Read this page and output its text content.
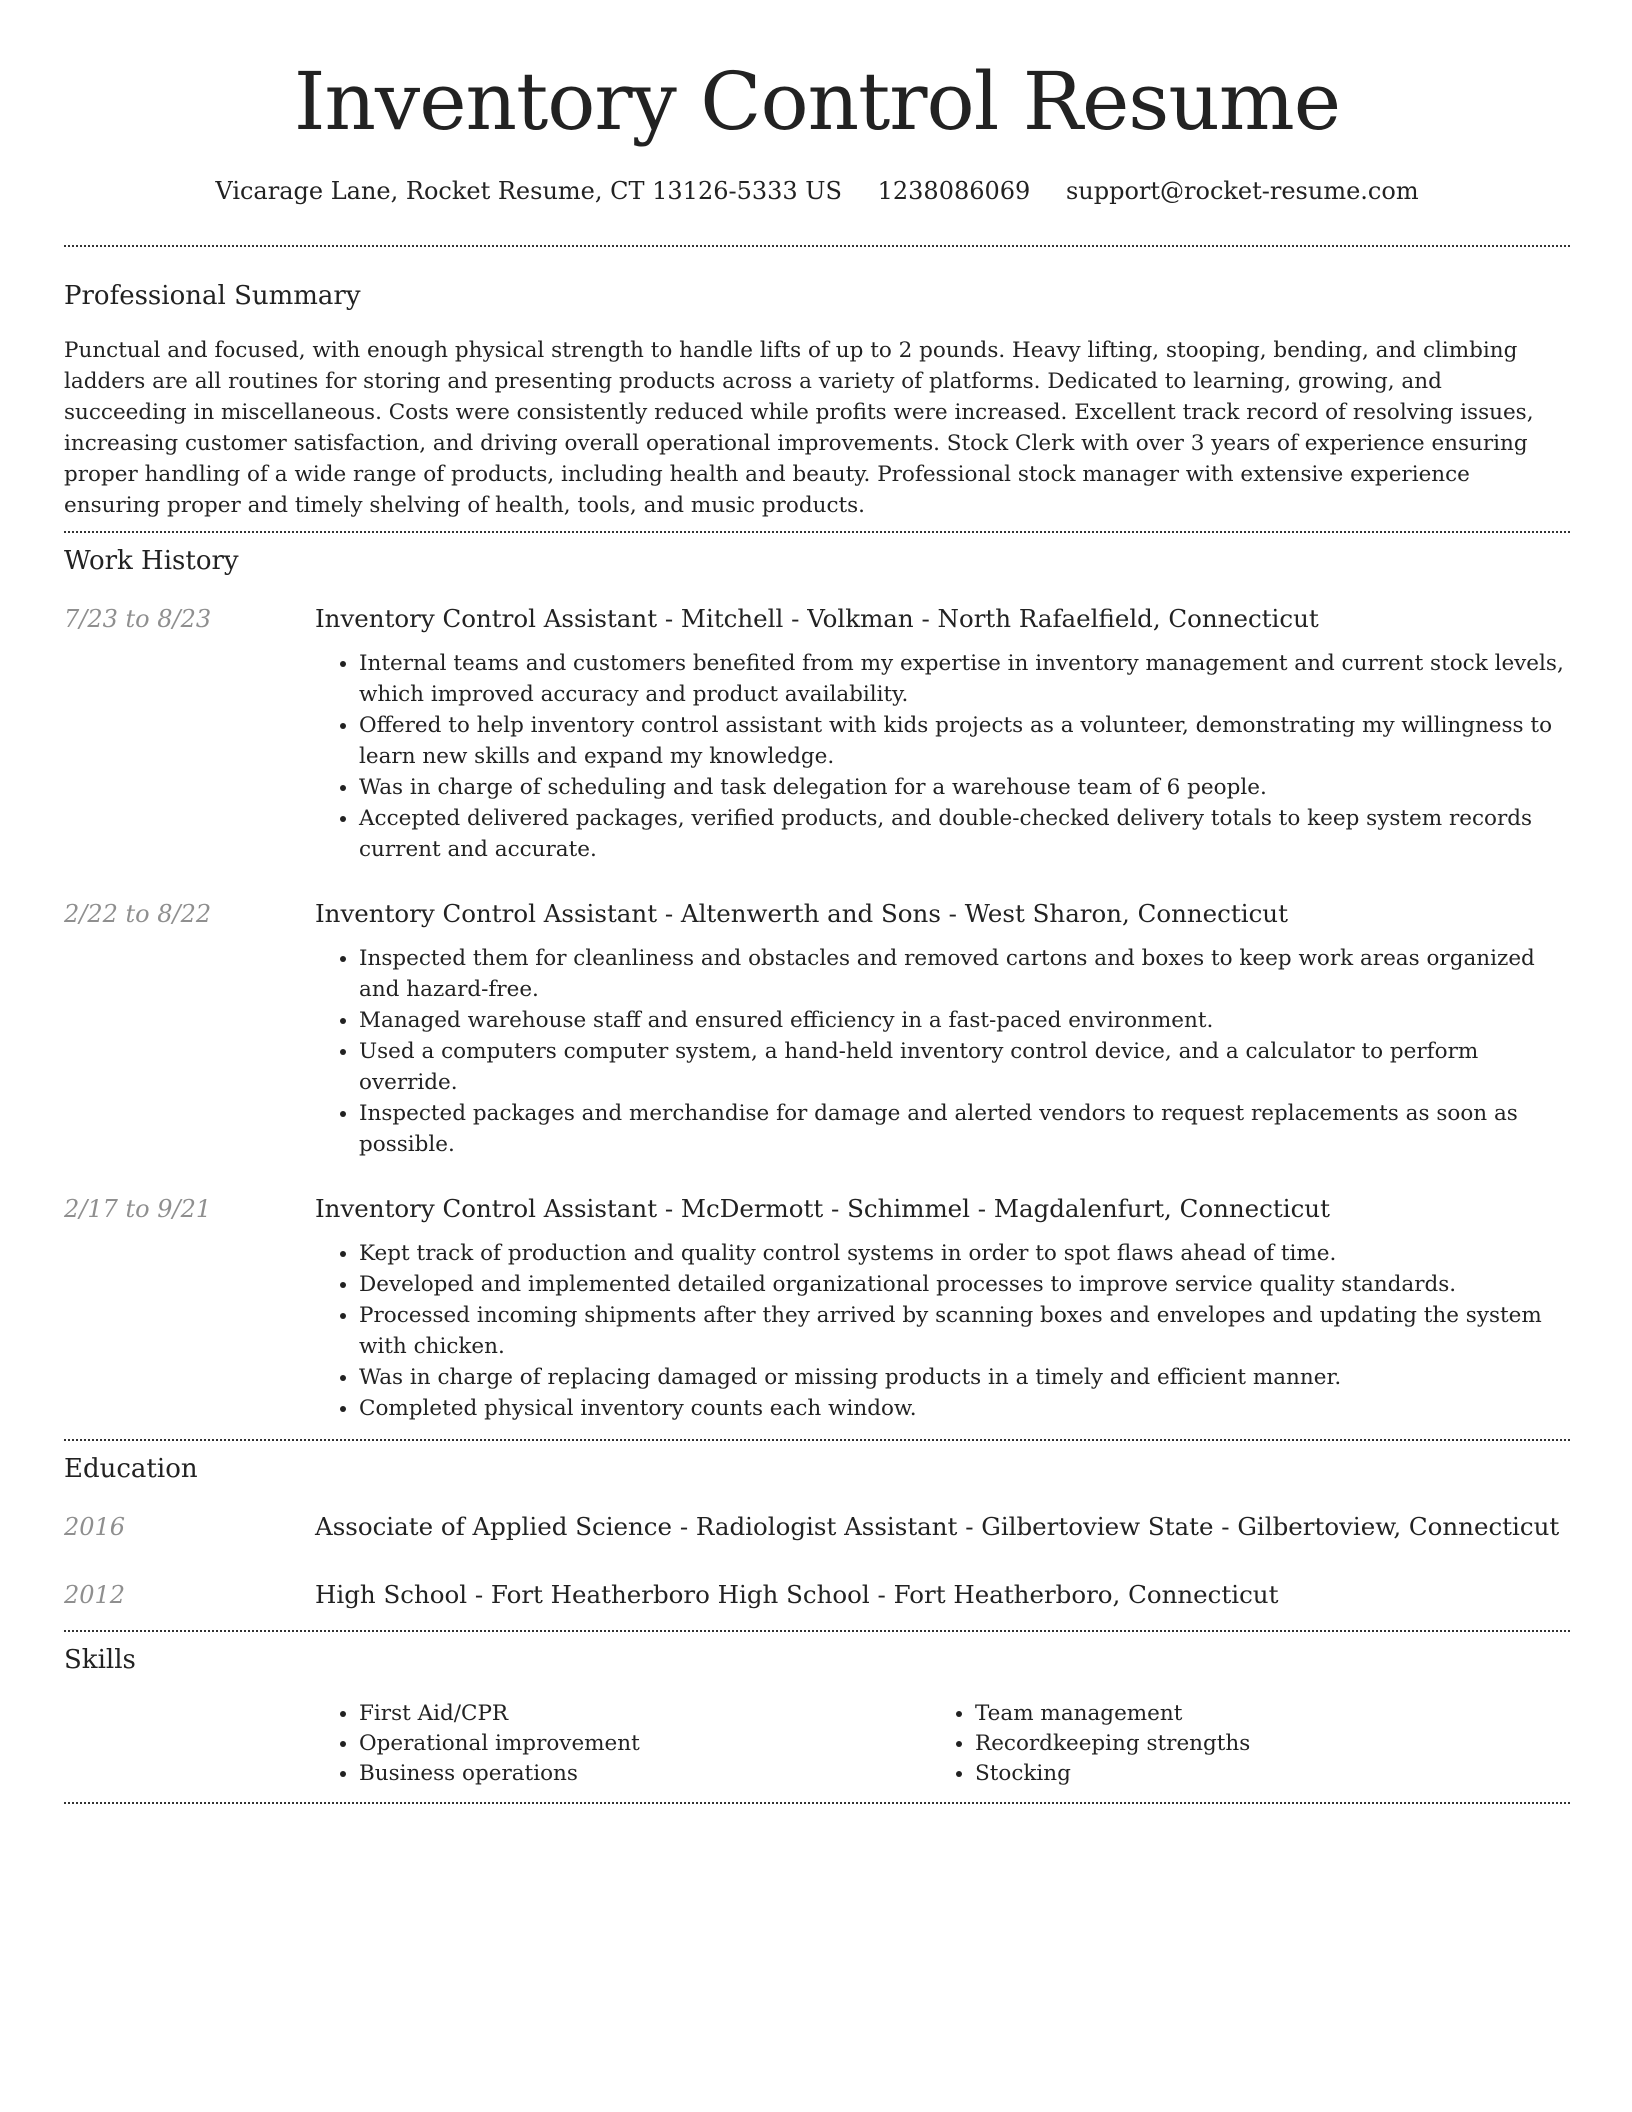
Inventory Control Resume
Vicarage Lane, Rocket Resume, CT 13126-5333 US 1238086069 support@rocket-resume.com
Professional Summary

Punctual and focused, with enough physical strength to handle lifts of up to 2 pounds. Heavy lifting, stooping, bending, and climbing ladders are all routines for storing and presenting products across a variety of platforms. Dedicated to learning, growing, and succeeding in miscellaneous. Costs were consistently reduced while profits were increased. Excellent track record of resolving issues, increasing customer satisfaction, and driving overall operational improvements. Stock Clerk with over 3 years of experience ensuring proper handling of a wide range of products, including health and beauty. Professional stock manager with extensive experience ensuring proper and timely shelving of health, tools, and music products.

Work History
7/23 to 8/23	Inventory Control Assistant - Mitchell - Volkman - North Rafaelfield, Connecticut
• Internal teams and customers benefited from my expertise in inventory management and current stock levels, which improved accuracy and product availability.
• Offered to help inventory control assistant with kids projects as a volunteer, demonstrating my willingness to learn new skills and expand my knowledge.
• Was in charge of scheduling and task delegation for a warehouse team of 6 people.
• Accepted delivered packages, verified products, and double-checked delivery totals to keep system records current and accurate.
2/22 to 8/22	Inventory Control Assistant - Altenwerth and Sons - West Sharon, Connecticut
• Inspected them for cleanliness and obstacles and removed cartons and boxes to keep work areas organized and hazard-free.
• Managed warehouse staff and ensured efficiency in a fast-paced environment.
• Used a computers computer system, a hand-held inventory control device, and a calculator to perform override.
• Inspected packages and merchandise for damage and alerted vendors to request replacements as soon as possible.
2/17 to 9/21	Inventory Control Assistant - McDermott - Schimmel - Magdalenfurt, Connecticut
• Kept track of production and quality control systems in order to spot flaws ahead of time.
• Developed and implemented detailed organizational processes to improve service quality standards.
• Processed incoming shipments after they arrived by scanning boxes and envelopes and updating the system with chicken.
• Was in charge of replacing damaged or missing products in a timely and efficient manner.
• Completed physical inventory counts each window.
Education
2016	Associate of Applied Science - Radiologist Assistant - Gilbertoview State - Gilbertoview, Connecticut
2012	High School - Fort Heatherboro High School - Fort Heatherboro, Connecticut
Skills
• First Aid/CPR
• Operational improvement
• Business operations
• Team management
• Recordkeeping strengths
• Stocking
